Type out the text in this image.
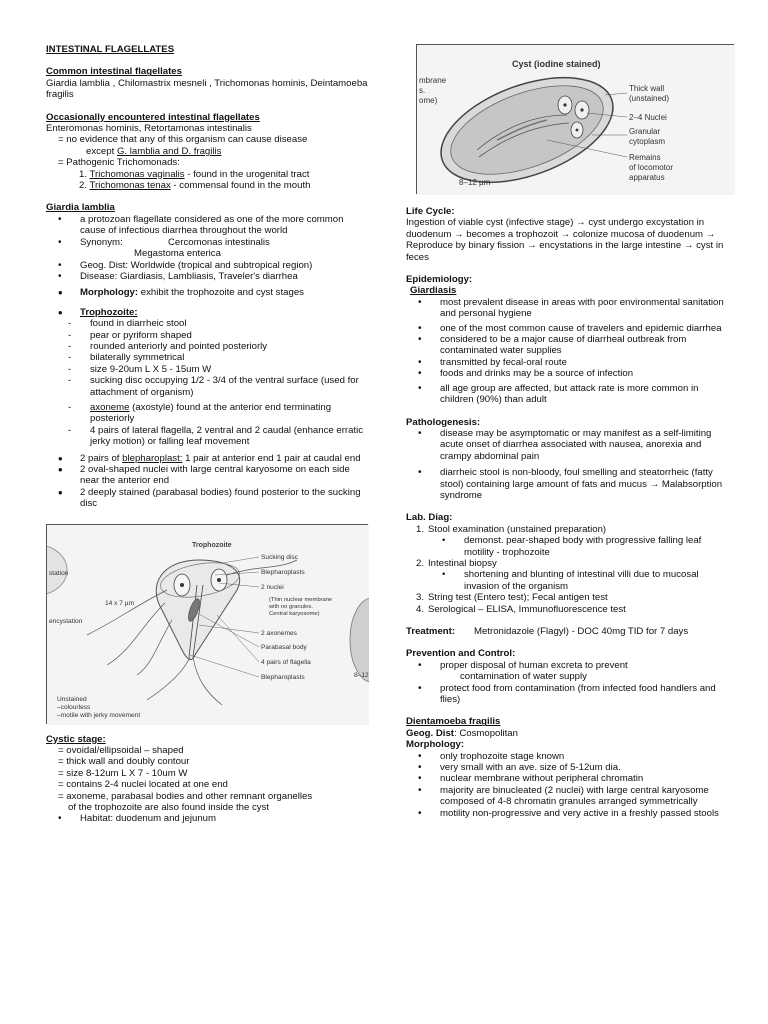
INTESTINAL FLAGELLATES
Common intestinal flagellates
Giardia lamblia , Chilomastrix mesneli , Trichomonas hominis, Deintamoeba fragilis
Occasionally encountered intestinal flagellates
Enteromonas hominis, Retortamonas intestinalis
= no evidence that any of this organism can cause disease
except G. lamblia and D. fragilis
= Pathogenic Trichomonads:
1. Trichomonas vaginalis - found in the urogenital tract
2. Trichomonas tenax - commensal found in the mouth
Giardia lamblia
• a protozoan flagellate considered as one of the more common cause of infectious diarrhea throughout the world
• Synonym:	Cercomonas intestinalis
Megastoma enterica
• Geog. Dist: Worldwide (tropical and subtropical region)
• Disease: Giardiasis, Lambliasis, Traveler's diarrhea
• Morphology: exhibit the trophozoite and cyst stages
• Trophozoite:
- found in diarrheic stool
- pear or pyriform shaped
- rounded anteriorly and pointed posteriorly
- bilaterally symmetrical
- size 9-20um L X 5 - 15um W
- sucking disc occupying 1/2 - 3/4 of the ventral surface (used for attachment of organism)
- axoneme (axostyle) found at the anterior end terminating posteriorly
- 4 pairs of lateral flagella, 2 ventral and 2 caudal (enhance erratic jerky motion) or falling leaf movement
• 2 pairs of blepharoplast: 1 pair at anterior end 1 pair at caudal end
• 2 oval-shaped nuclei with large central karyosome on each side near the anterior end
• 2 deeply stained (parabasal bodies) found posterior to the sucking disc
Trophozoite
Sucking disc
Blepharoplasts
2 nuclei
(Thin nuclear membrane
with no granules.
Central karyosome)
2 axonemes
Parabasal body
4 pairs of flagella
Blepharoplasts
14 x 7 µm
station
encystation
Unstained
–colourless
–motile with jerky movement
8–12
Cystic stage:
= ovoidal/ellipsoidal – shaped
= thick wall and doubly contour
= size 8-12um L X 7 - 10um W
= contains 2-4 nuclei located at one end
= axoneme, parabasal bodies and other remnant organelles
of the trophozoite are also found inside the cyst
• Habitat: duodenum and jejunum
Cyst (iodine stained)
Thick wall
(unstained)
2–4 Nuclei
Granular
cytoplasm
Remains
of locomotor
apparatus
mbrane
s.
ome)
8–12 µm
Life Cycle:
Ingestion of viable cyst (infective stage) → cyst undergo excystation in duodenum → becomes a trophozoit → colonize mucosa of duodenum →
Reproduce by binary fission → encystations in the large intestine → cyst in feces
Epidemiology:
Giardiasis
• most prevalent disease in areas with poor environmental sanitation and personal hygiene
• one of the most common cause of travelers and epidemic diarrhea
• considered to be a major cause of diarrheal outbreak from contaminated water supplies
• transmitted by fecal-oral route
• foods and drinks may be a source of infection
• all age group are affected, but attack rate is more common in children (90%) than adult
Pathologenesis:
• disease may be asymptomatic or may manifest as a self-limiting acute onset of diarrhea associated with nausea, anorexia and crampy abdominal pain
• diarrheic stool is non-bloody, foul smelling and steatorrheic (fatty stool) containing large amount of fats and mucus → Malabsorption syndrome
Lab. Diag:
1. Stool examination (unstained preparation)
• demonst. pear-shaped body with progressive falling leaf motility - trophozoite
2. Intestinal biopsy
• shortening and blunting of intestinal villi due to mucosal invasion of the organism
3. String test (Entero test); Fecal antigen test
4. Serological – ELISA, Immunofluorescence test
Treatment:	Metronidazole (Flagyl) - DOC 40mg TID for 7 days
Prevention and Control:
• proper disposal of human excreta to prevent
contamination of water supply
• protect food from contamination (from infected food handlers and flies)
Dientamoeba fragilis
Geog. Dist: Cosmopolitan
Morphology:
• only trophozoite stage known
• very small with an ave. size of 5-12um dia.
• nuclear membrane without peripheral chromatin
• majority are binucleated (2 nuclei) with large central karyosome composed of 4-8 chromatin granules arranged symmetrically
• motility non-progressive and very active in a freshly passed stools
